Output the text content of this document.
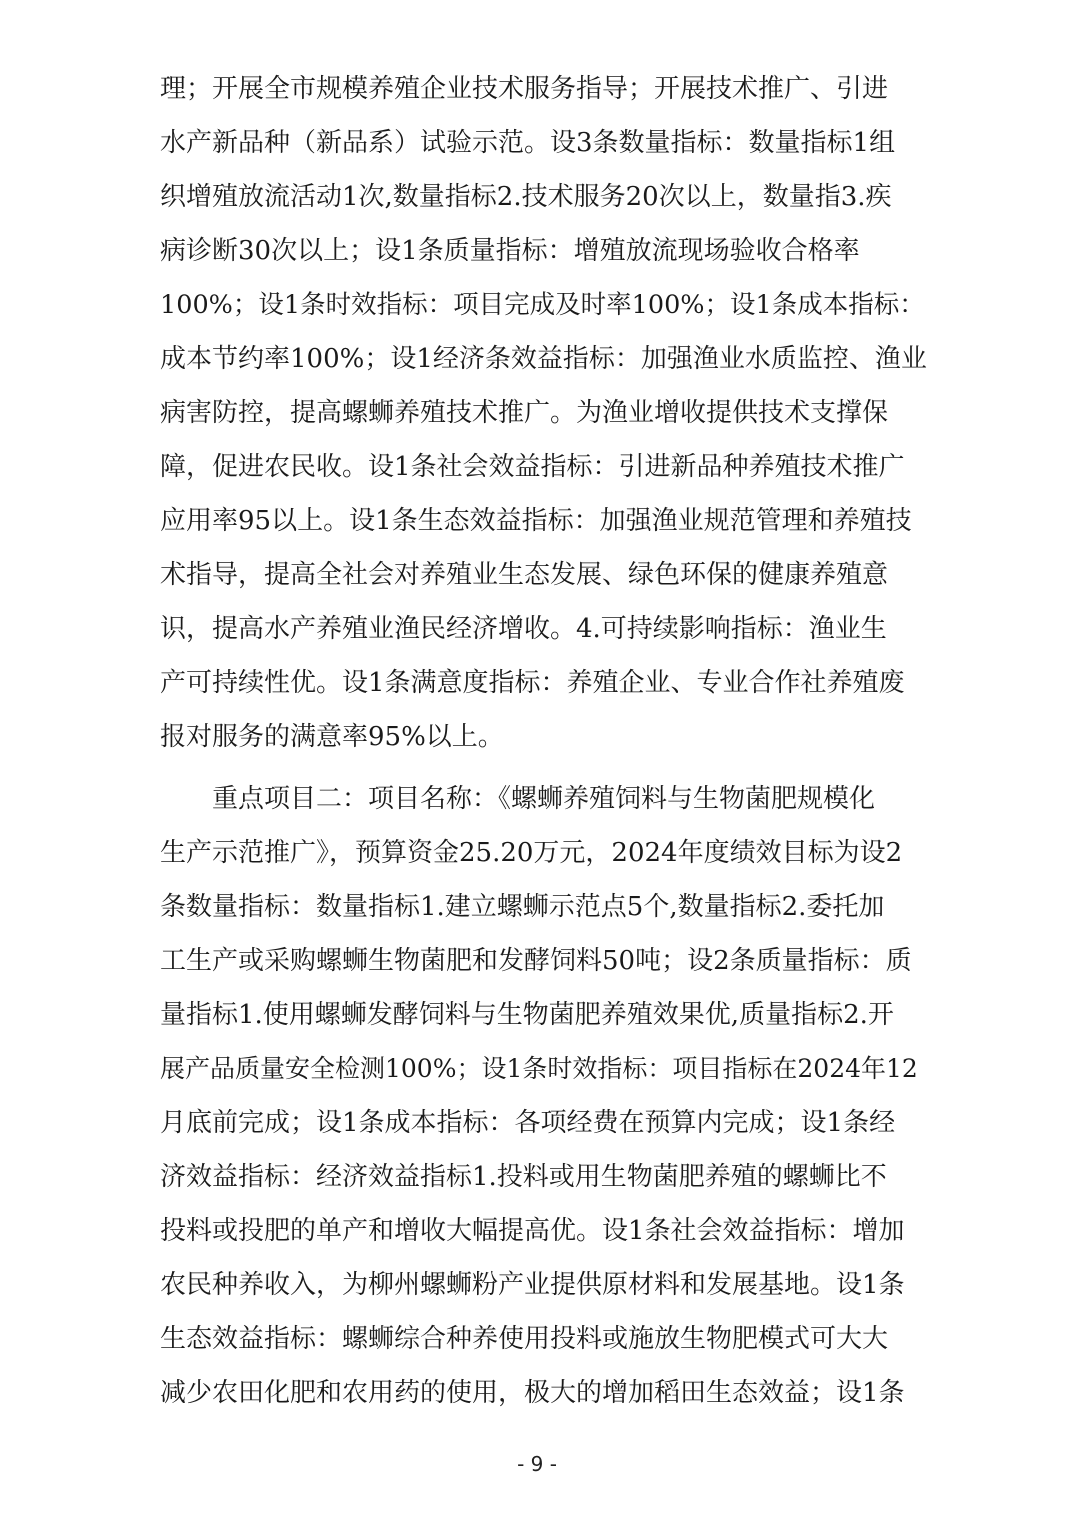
理；开展全市规模养殖企业技术服务指导；开展技术推广、引进
水产新品种（新品系）试验示范。设3条数量指标：数量指标1组
织增殖放流活动1次,数量指标2.技术服务20次以上，数量指3.疾
病诊断30次以上；设1条质量指标：增殖放流现场验收合格率
100%；设1条时效指标：项目完成及时率100%；设1条成本指标：
成本节约率100%；设1经济条效益指标：加强渔业水质监控、渔业
病害防控，提高螺蛳养殖技术推广。为渔业增收提供技术支撑保
障，促进农民收。设1条社会效益指标：引进新品种养殖技术推广
应用率95以上。设1条生态效益指标：加强渔业规范管理和养殖技
术指导，提高全社会对养殖业生态发展、绿色环保的健康养殖意
识，提高水产养殖业渔民经济增收。4.可持续影响指标：渔业生
产可持续性优。设1条满意度指标：养殖企业、专业合作社养殖废
报对服务的满意率95%以上。
重点项目二：项目名称：《螺蛳养殖饲料与生物菌肥规模化
生产示范推广》，预算资金25.20万元，2024年度绩效目标为设2
条数量指标：数量指标1.建立螺蛳示范点5个,数量指标2.委托加
工生产或采购螺蛳生物菌肥和发酵饲料50吨；设2条质量指标：质
量指标1.使用螺蛳发酵饲料与生物菌肥养殖效果优,质量指标2.开
展产品质量安全检测100%；设1条时效指标：项目指标在2024年12
月底前完成；设1条成本指标：各项经费在预算内完成；设1条经
济效益指标：经济效益指标1.投料或用生物菌肥养殖的螺蛳比不
投料或投肥的单产和增收大幅提高优。设1条社会效益指标：增加
农民种养收入，为柳州螺蛳粉产业提供原材料和发展基地。设1条
生态效益指标：螺蛳综合种养使用投料或施放生物肥模式可大大
减少农田化肥和农用药的使用，极大的增加稻田生态效益；设1条
- 9 -
